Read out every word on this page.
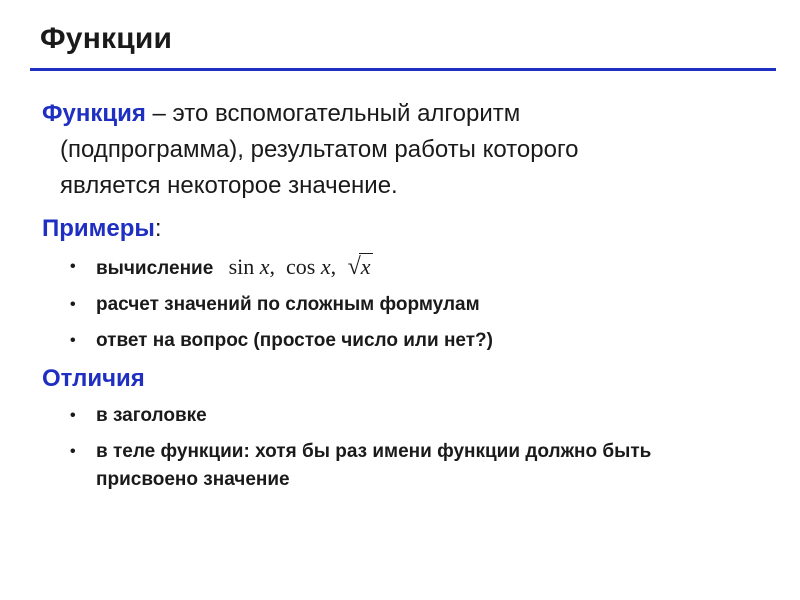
Функции
Функция – это вспомогательный алгоритм
(подпрограмма), результатом работы которого
является некоторое значение.
Примеры:
• вычисление sin x, cos x, √x
• расчет значений по сложным формулам
• ответ на вопрос (простое число или нет?)
Отличия
• в заголовке
• в теле функции: хотя бы раз имени функции должно быть присвоено значение
